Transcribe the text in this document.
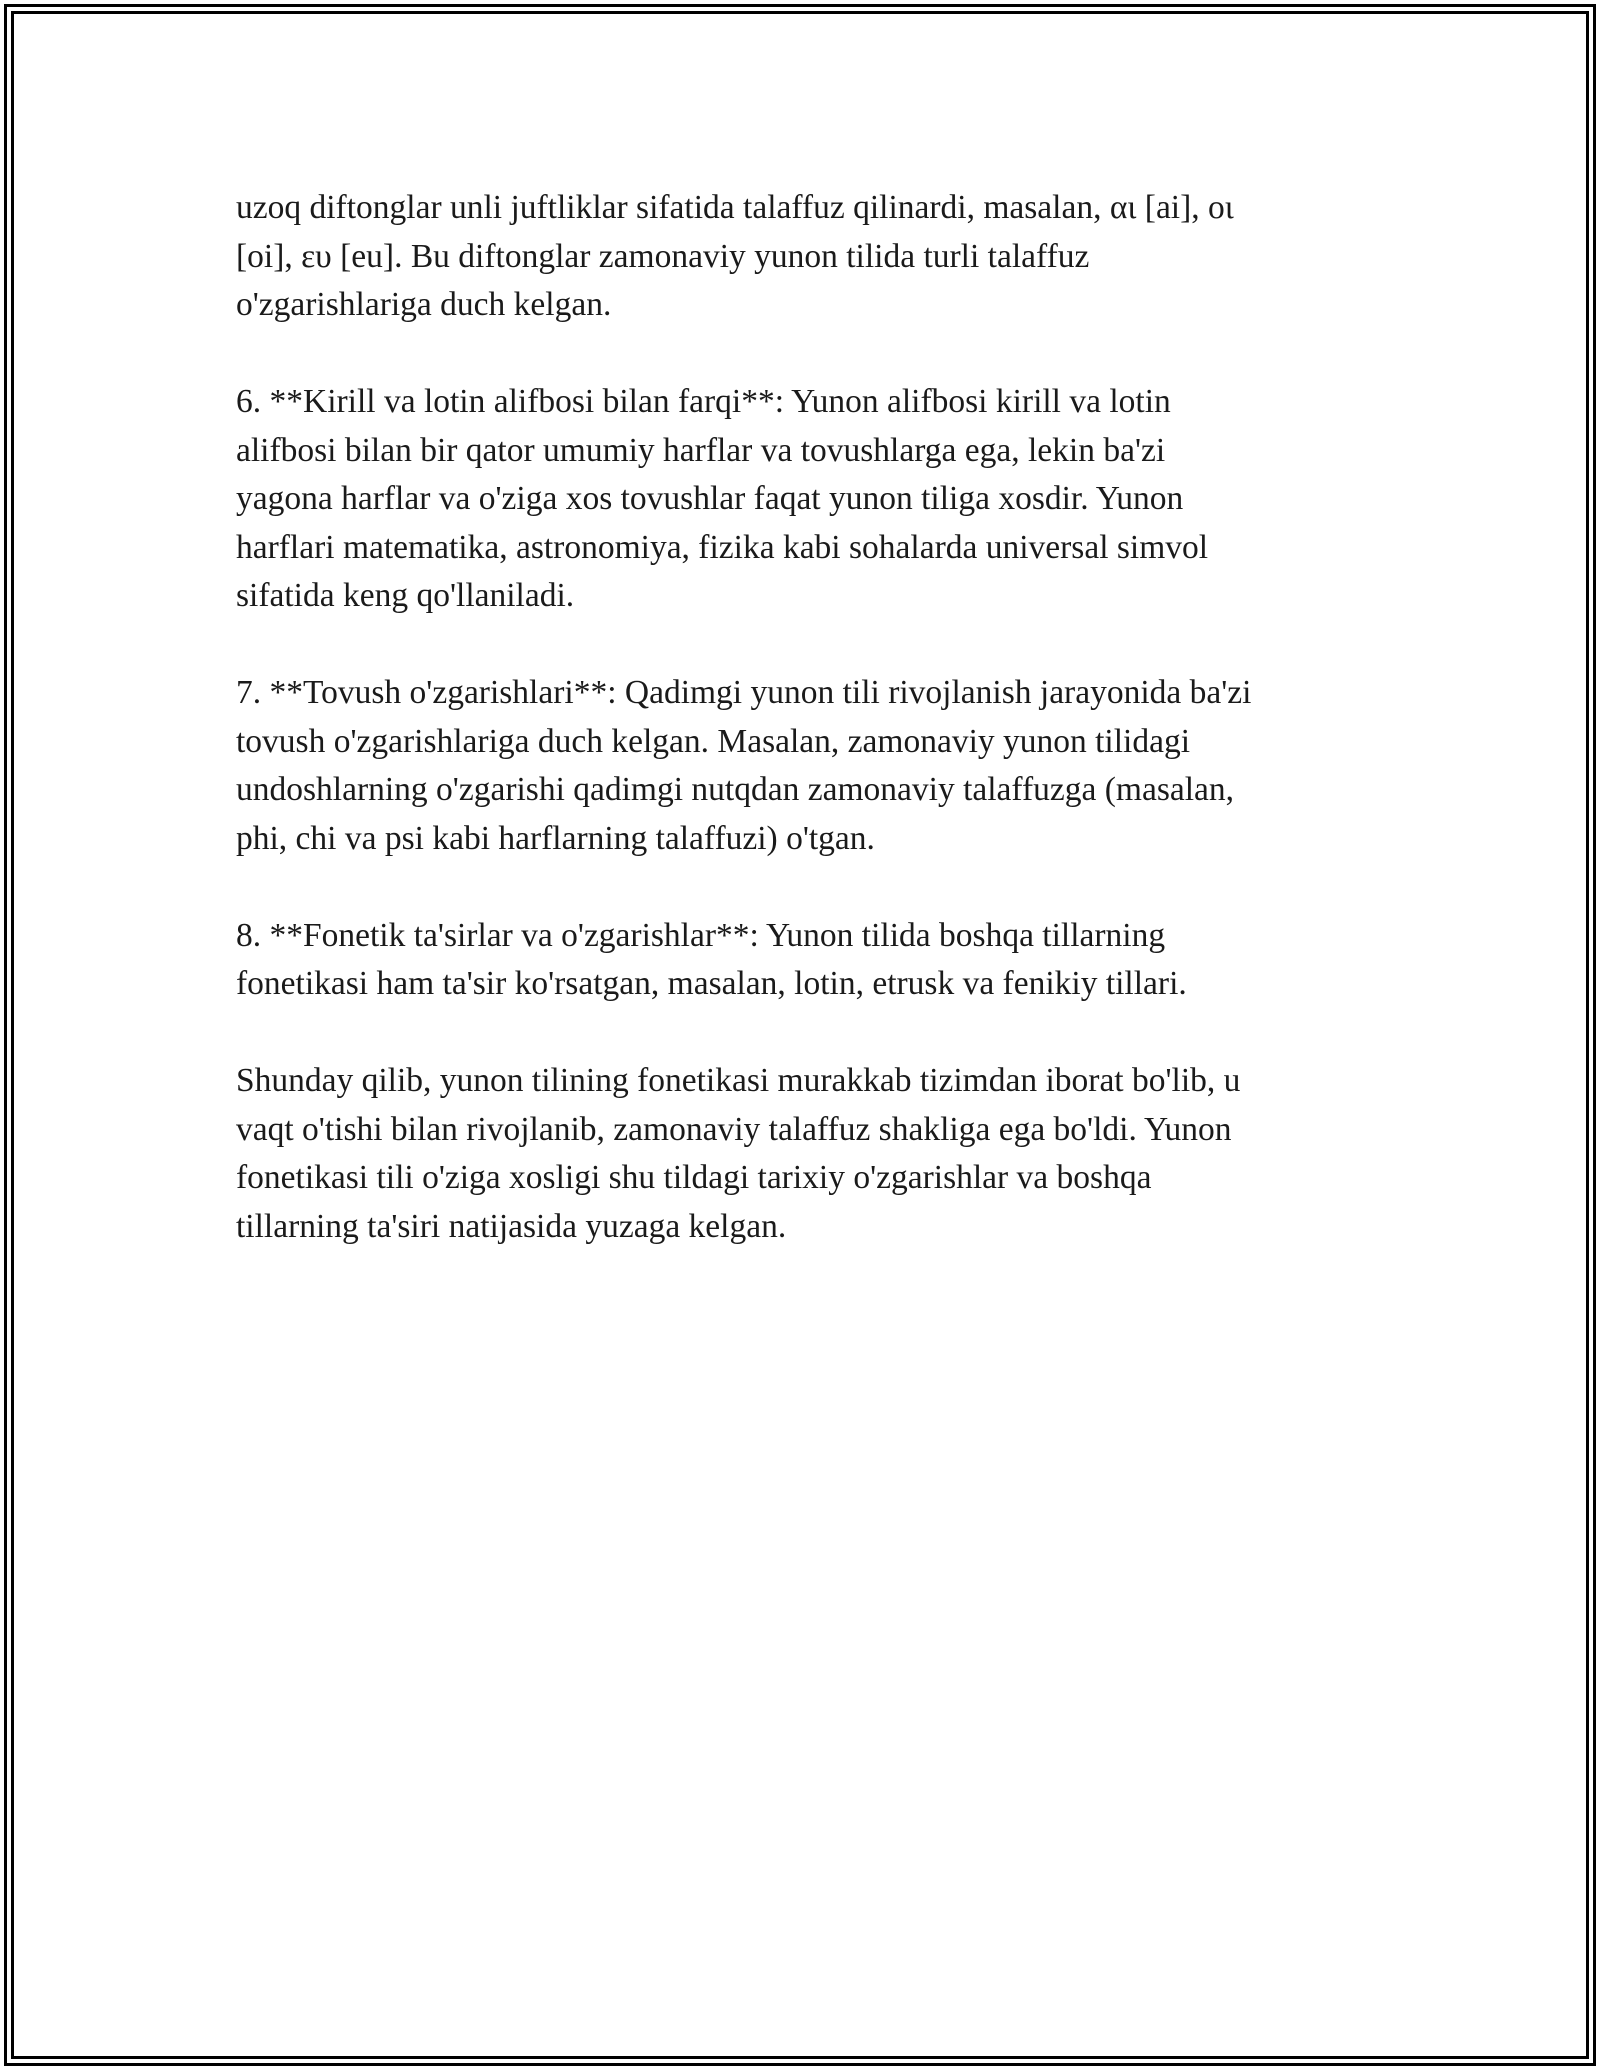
uzoq diftonglar unli juftliklar sifatida talaffuz qilinardi, masalan, αι [ai], οι
[oi], ευ [eu]. Bu diftonglar zamonaviy yunon tilida turli talaffuz
o'zgarishlariga duch kelgan.

6. **Kirill va lotin alifbosi bilan farqi**: Yunon alifbosi kirill va lotin
alifbosi bilan bir qator umumiy harflar va tovushlarga ega, lekin ba'zi
yagona harflar va o'ziga xos tovushlar faqat yunon tiliga xosdir. Yunon
harflari matematika, astronomiya, fizika kabi sohalarda universal simvol
sifatida keng qo'llaniladi.

7. **Tovush o'zgarishlari**: Qadimgi yunon tili rivojlanish jarayonida ba'zi
tovush o'zgarishlariga duch kelgan. Masalan, zamonaviy yunon tilidagi
undoshlarning o'zgarishi qadimgi nutqdan zamonaviy talaffuzga (masalan,
phi, chi va psi kabi harflarning talaffuzi) o'tgan.

8. **Fonetik ta'sirlar va o'zgarishlar**: Yunon tilida boshqa tillarning
fonetikasi ham ta'sir ko'rsatgan, masalan, lotin, etrusk va fenikiy tillari.

Shunday qilib, yunon tilining fonetikasi murakkab tizimdan iborat bo'lib, u
vaqt o'tishi bilan rivojlanib, zamonaviy talaffuz shakliga ega bo'ldi. Yunon
fonetikasi tili o'ziga xosligi shu tildagi tarixiy o'zgarishlar va boshqa
tillarning ta'siri natijasida yuzaga kelgan.
